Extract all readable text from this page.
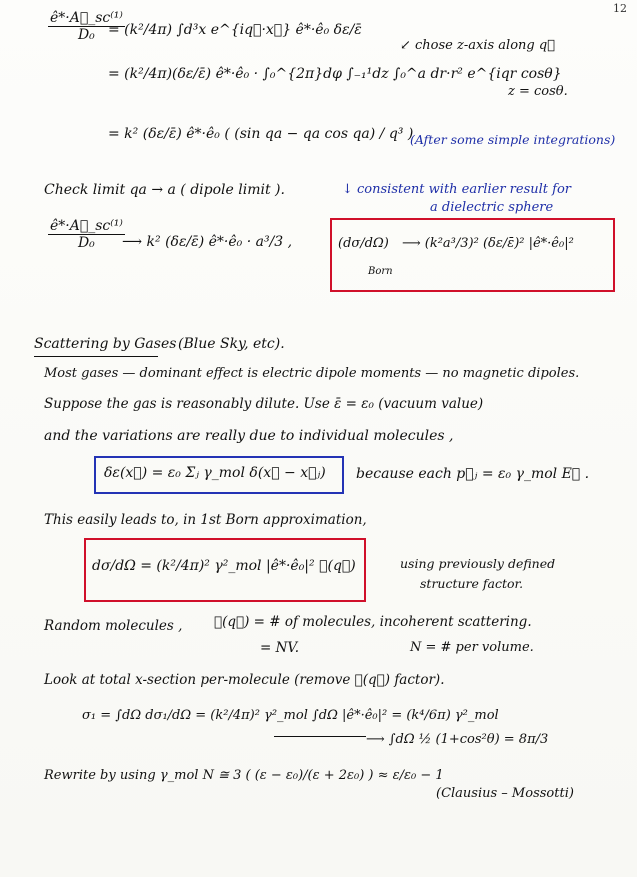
12
$\frac{\text{ê*·A⃗\_sc⁽¹⁾}}{\text{D₀}}$
= (k²/4π) ∫d³x e^{iq⃗·x⃗} ê*·ê₀ δε/ε̄
↙ chose z-axis along q⃗
= (k²/4π)(δε/ε̄) ê*·ê₀ · ∫₀^{2π}dφ ∫₋₁¹dz ∫₀^a dr·r² e^{iqr cosθ}
z = cosθ.
= k² (δε/ε̄) ê*·ê₀ ( (sin qa − qa cos qa) / q³ )
(After some simple integrations)
Check limit qa → a ( dipole limit ).	↓ consistent with earlier result for
a dielectric sphere
$\frac{\text{ê*·A⃗\_sc⁽¹⁾}}{\text{D₀}}$
⟶ k² (δε/ε̄) ê*·ê₀ · a³/3 ,	(dσ/dΩ)
Born
⟶ (k²a³/3)² (δε/ε̄)² |ê*·ê₀|²
Scattering by Gases (Blue Sky, etc).
Most gases — dominant effect is electric dipole moments — no magnetic dipoles.
Suppose the gas is reasonably dilute. Use ε̄ = ε₀ (vacuum value)
and the variations are really due to individual molecules ,
δε(x⃗) = ε₀ Σⱼ γ_mol δ(x⃗ − x⃗ⱼ) because each p⃗ⱼ = ε₀ γ_mol E⃗ .
This easily leads to, in 1st Born approximation,
dσ/dΩ = (k²/4π)² γ²_mol |ê*·ê₀|² 𝓕(q⃗)	using previously defined
structure factor.
Random molecules , 𝓕(q⃗) = # of molecules, incoherent scattering.
= NV.	N = # per volume.
Look at total x-section per-molecule (remove 𝓕(q⃗) factor).
σ₁ = ∫dΩ dσ₁/dΩ = (k²/4π)² γ²_mol ∫dΩ |ê*·ê₀|² = (k⁴/6π) γ²_mol
⟶ ∫dΩ ½ (1+cos²θ) = 8π/3
Rewrite by using γ_mol N ≅ 3 ( (ε − ε₀)/(ε + 2ε₀) ) ≈ ε/ε₀ − 1
(Clausius – Mossotti)
